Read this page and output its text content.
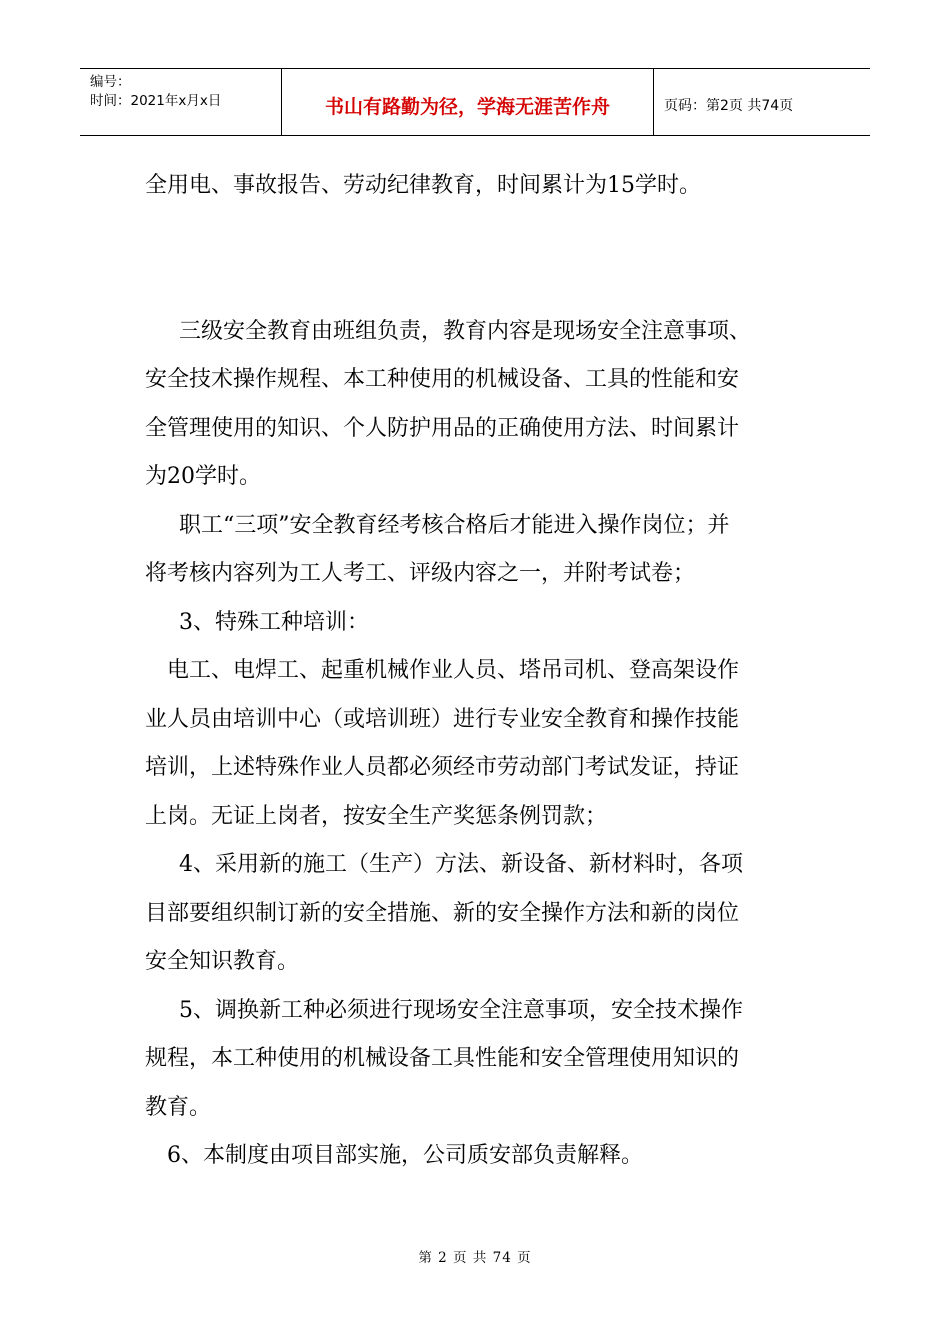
编号：
时间：2021年x月x日	书山有路勤为径，学海无涯苦作舟	页码：第2页 共74页

全用电、事故报告、劳动纪律教育，时间累计为15学时。

三级安全教育由班组负责，教育内容是现场安全注意事项、

安全技术操作规程、本工种使用的机械设备、工具的性能和安

全管理使用的知识、个人防护用品的正确使用方法、时间累计

为20学时。

职工“三项”安全教育经考核合格后才能进入操作岗位；并

将考核内容列为工人考工、评级内容之一，并附考试卷；

3、特殊工种培训：

电工、电焊工、起重机械作业人员、塔吊司机、登高架设作

业人员由培训中心（或培训班）进行专业安全教育和操作技能

培训，上述特殊作业人员都必须经市劳动部门考试发证，持证

上岗。无证上岗者，按安全生产奖惩条例罚款；

4、采用新的施工（生产）方法、新设备、新材料时，各项

目部要组织制订新的安全措施、新的安全操作方法和新的岗位

安全知识教育。

5、调换新工种必须进行现场安全注意事项，安全技术操作

规程，本工种使用的机械设备工具性能和安全管理使用知识的

教育。

6、本制度由项目部实施，公司质安部负责解释。

第 2 页 共 74 页
